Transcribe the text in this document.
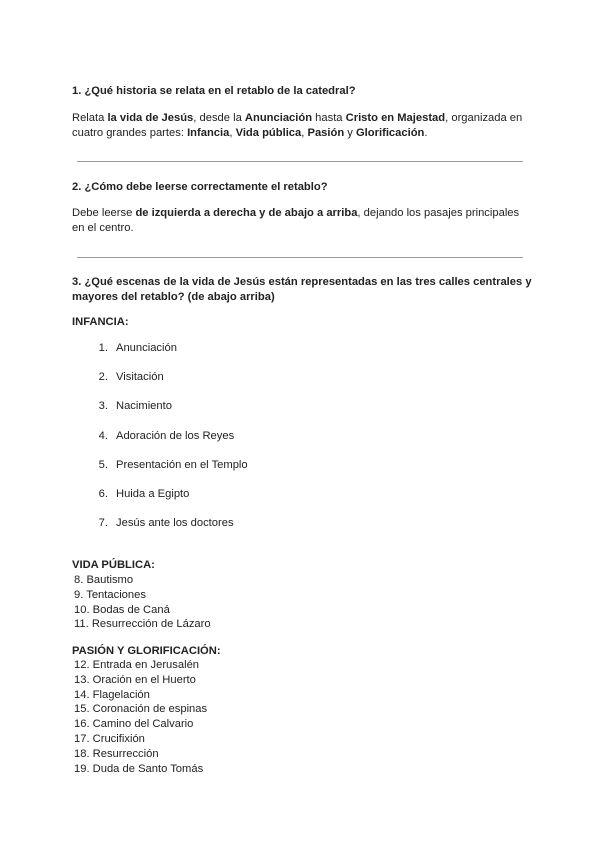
1. ¿Qué historia se relata en el retablo de la catedral?
Relata la vida de Jesús, desde la Anunciación hasta Cristo en Majestad, organizada en cuatro grandes partes: Infancia, Vida pública, Pasión y Glorificación.
2. ¿Cómo debe leerse correctamente el retablo?
Debe leerse de izquierda a derecha y de abajo a arriba, dejando los pasajes principales en el centro.
3. ¿Qué escenas de la vida de Jesús están representadas en las tres calles centrales y mayores del retablo? (de abajo arriba)
INFANCIA:
1. Anunciación
2. Visitación
3. Nacimiento
4. Adoración de los Reyes
5. Presentación en el Templo
6. Huida a Egipto
7. Jesús ante los doctores
VIDA PÚBLICA:
8. Bautismo
9. Tentaciones
10. Bodas de Caná
11. Resurrección de Lázaro
PASIÓN Y GLORIFICACIÓN:
12. Entrada en Jerusalén
13. Oración en el Huerto
14. Flagelación
15. Coronación de espinas
16. Camino del Calvario
17. Crucifixión
18. Resurrección
19. Duda de Santo Tomás
